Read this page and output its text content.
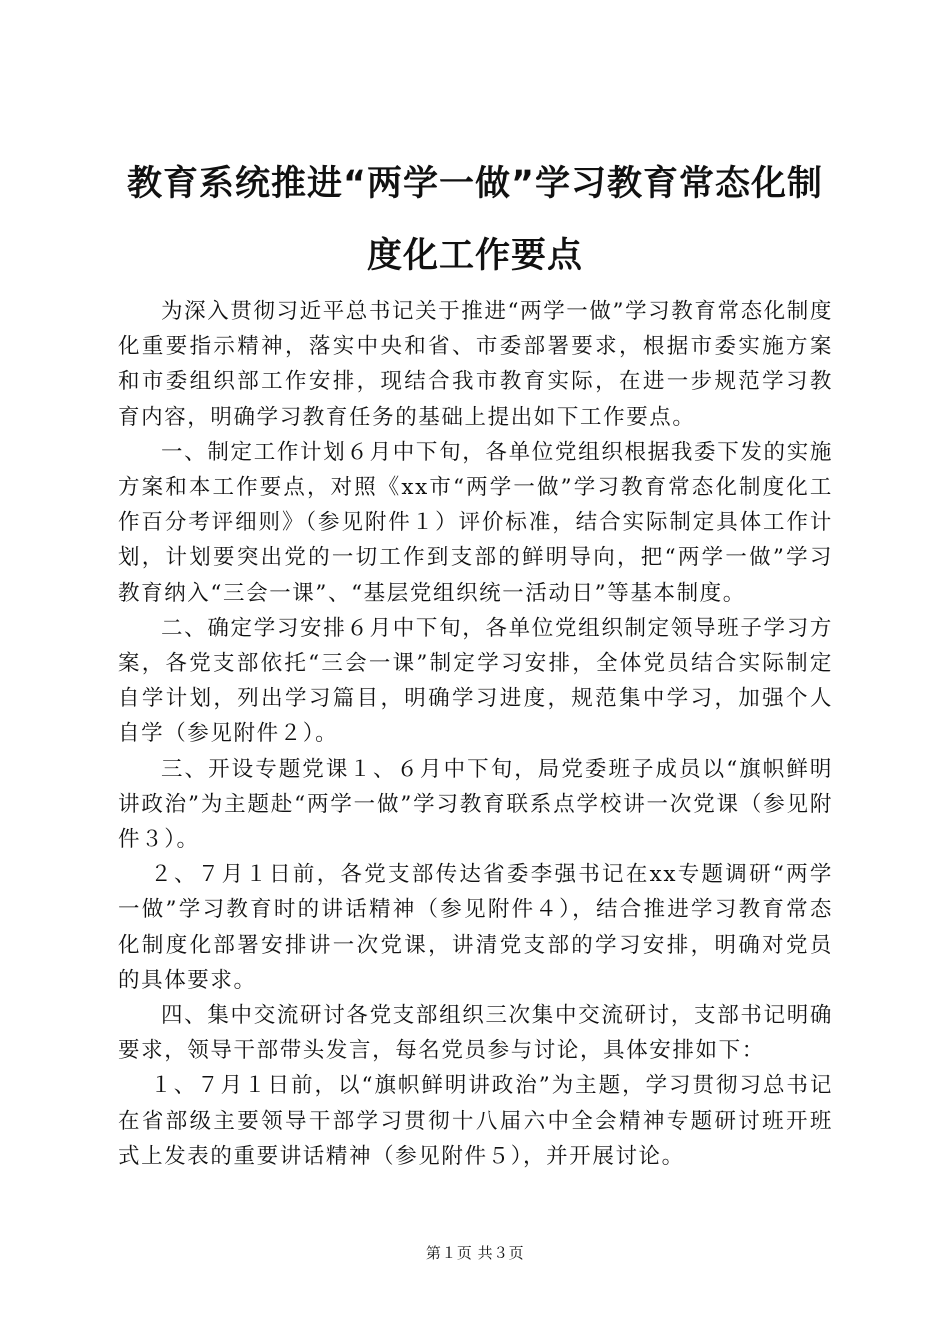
教育系统推进“两学一做”学习教育常态化制
度化工作要点

为深入贯彻习近平总书记关于推进“两学一做”学习教育常态化制度化重要指示精神，落实中央和省、市委部署要求，根据市委实施方案和市委组织部工作安排，现结合我市教育实际，在进一步规范学习教育内容，明确学习教育任务的基础上提出如下工作要点。

一、制定工作计划６月中下旬，各单位党组织根据我委下发的实施方案和本工作要点，对照《xx市“两学一做”学习教育常态化制度化工作百分考评细则》（参见附件１）评价标准，结合实际制定具体工作计划，计划要突出党的一切工作到支部的鲜明导向，把“两学一做”学习教育纳入“三会一课”、“基层党组织统一活动日”等基本制度。

二、确定学习安排６月中下旬，各单位党组织制定领导班子学习方案，各党支部依托“三会一课”制定学习安排，全体党员结合实际制定自学计划，列出学习篇目，明确学习进度，规范集中学习，加强个人自学（参见附件２）。

三、开设专题党课１、６月中下旬，局党委班子成员以“旗帜鲜明讲政治”为主题赴“两学一做”学习教育联系点学校讲一次党课（参见附件３）。

２、７月１日前，各党支部传达省委李强书记在xx专题调研“两学一做”学习教育时的讲话精神（参见附件４），结合推进学习教育常态化制度化部署安排讲一次党课，讲清党支部的学习安排，明确对党员的具体要求。

四、集中交流研讨各党支部组织三次集中交流研讨，支部书记明确要求，领导干部带头发言，每名党员参与讨论，具体安排如下：

１、７月１日前，以“旗帜鲜明讲政治”为主题，学习贯彻习总书记在省部级主要领导干部学习贯彻十八届六中全会精神专题研讨班开班式上发表的重要讲话精神（参见附件５），并开展讨论。

第１页 共３页
